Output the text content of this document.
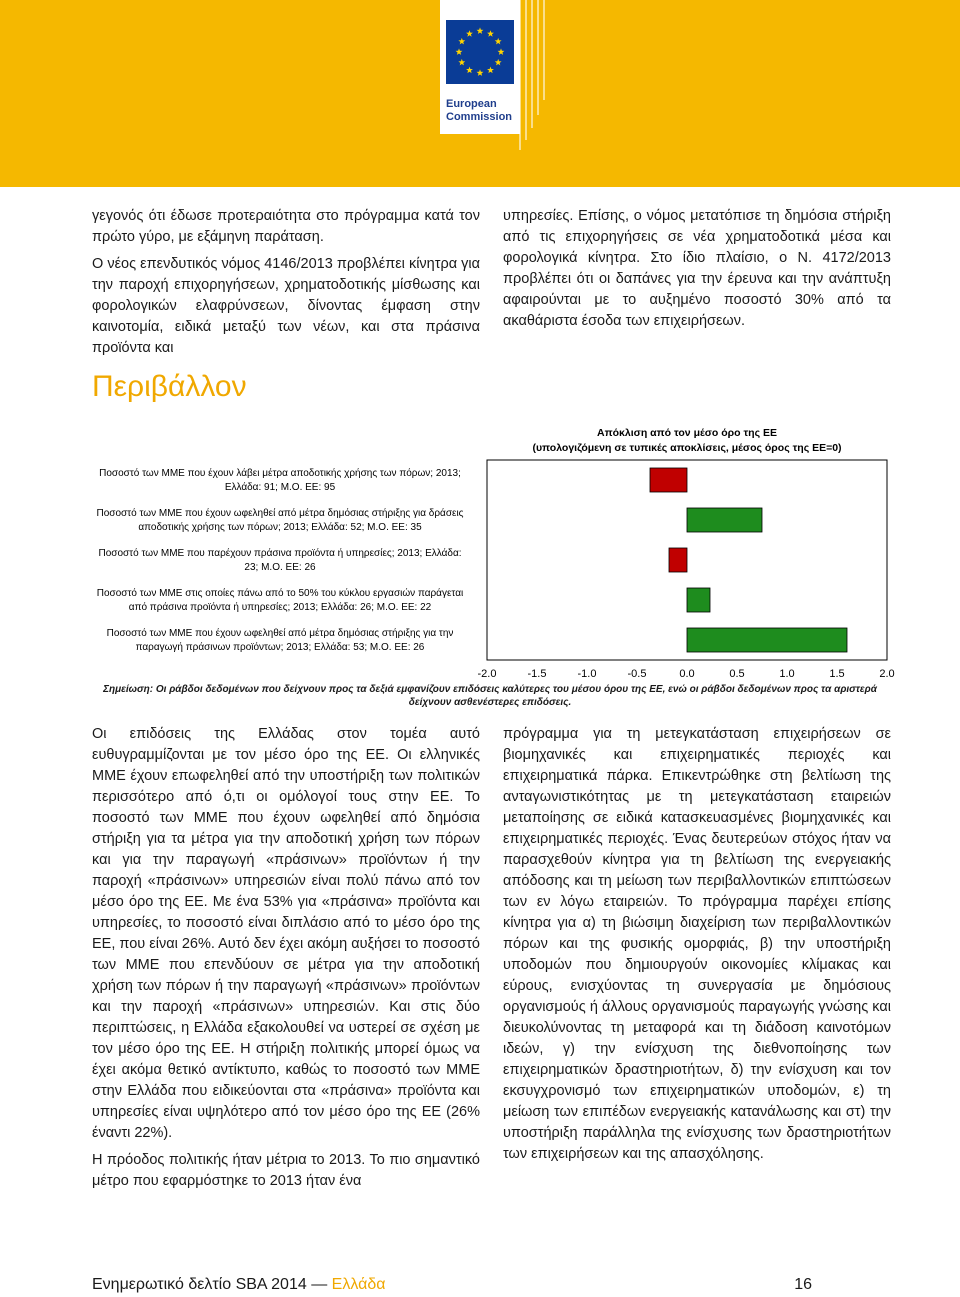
European
Commission

γεγονός ότι έδωσε προτεραιότητα στο πρόγραμμα κατά τον πρώτο γύρο, με εξάμηνη παράταση.

Ο νέος επενδυτικός νόμος 4146/2013 προβλέπει κίνητρα για την παροχή επιχορηγήσεων, χρηματοδοτικής μίσθωσης και φορολογικών ελαφρύνσεων, δίνοντας έμφαση στην καινοτομία, ειδικά μεταξύ των νέων, και στα πράσινα προϊόντα και

υπηρεσίες. Επίσης, ο νόμος μετατόπισε τη δημόσια στήριξη από τις επιχορηγήσεις σε νέα χρηματοδοτικά μέσα και φορολογικά κίνητρα. Στο ίδιο πλαίσιο, ο Ν. 4172/2013 προβλέπει ότι οι δαπάνες για την έρευνα και την ανάπτυξη αφαιρούνται με το αυξημένο ποσοστό 30% από τα ακαθάριστα έσοδα των επιχειρήσεων.

Περιβάλλον
Απόκλιση από τον μέσο όρο της ΕΕ
(υπολογιζόμενη σε τυπικές αποκλίσεις, μέσος όρος της ΕΕ=0)
Ποσοστό των ΜΜΕ που έχουν λάβει μέτρα αποδοτικής χρήσης των πόρων; 2013;
Ελλάδα: 91; Μ.Ο. ΕΕ: 95
Ποσοστό των ΜΜΕ που έχουν ωφεληθεί από μέτρα δημόσιας στήριξης για δράσεις
αποδοτικής χρήσης των πόρων; 2013; Ελλάδα: 52; Μ.Ο. ΕΕ: 35
Ποσοστό των ΜΜΕ που παρέχουν πράσινα προϊόντα ή υπηρεσίες; 2013; Ελλάδα:
23; Μ.Ο. ΕΕ: 26
Ποσοστό των ΜΜΕ στις οποίες πάνω από το 50% του κύκλου εργασιών παράγεται
από πράσινα προϊόντα ή υπηρεσίες; 2013; Ελλάδα: 26; Μ.Ο. ΕΕ: 22
Ποσοστό των ΜΜΕ που έχουν ωφεληθεί από μέτρα δημόσιας στήριξης για την
παραγωγή πράσινων προϊόντων; 2013; Ελλάδα: 53; Μ.Ο. ΕΕ: 26
-2.0	-1.5	-1.0	-0.5	0.0	0.5	1.0	1.5	2.0
Σημείωση: Οι ράβδοι δεδομένων που δείχνουν προς τα δεξιά εμφανίζουν επιδόσεις καλύτερες του μέσου όρου της ΕΕ, ενώ οι ράβδοι δεδομένων προς τα αριστερά δείχνουν ασθενέστερες επιδόσεις.

Οι επιδόσεις της Ελλάδας στον τομέα αυτό ευθυγραμμίζονται με τον μέσο όρο της ΕΕ. Οι ελληνικές ΜΜΕ έχουν επωφεληθεί από την υποστήριξη των πολιτικών περισσότερο από ό,τι οι ομόλογοί τους στην ΕΕ. Το ποσοστό των ΜΜΕ που έχουν ωφεληθεί από δημόσια στήριξη για τα μέτρα για την αποδοτική χρήση των πόρων και για την παραγωγή «πράσινων» προϊόντων ή την παροχή «πράσινων» υπηρεσιών είναι πολύ πάνω από τον μέσο όρο της ΕΕ. Με ένα 53% για «πράσινα» προϊόντα και υπηρεσίες, το ποσοστό είναι διπλάσιο από το μέσο όρο της ΕΕ, που είναι 26%. Αυτό δεν έχει ακόμη αυξήσει το ποσοστό των ΜΜΕ που επενδύουν σε μέτρα για την αποδοτική χρήση των πόρων ή την παραγωγή «πράσινων» προϊόντων και την παροχή «πράσινων» υπηρεσιών. Και στις δύο περιπτώσεις, η Ελλάδα εξακολουθεί να υστερεί σε σχέση με τον μέσο όρο της ΕΕ. Η στήριξη πολιτικής μπορεί όμως να έχει ακόμα θετικό αντίκτυπο, καθώς το ποσοστό των ΜΜΕ στην Ελλάδα που ειδικεύονται στα «πράσινα» προϊόντα και υπηρεσίες είναι υψηλότερο από τον μέσο όρο της ΕΕ (26% έναντι 22%).

Η πρόοδος πολιτικής ήταν μέτρια το 2013. Το πιο σημαντικό μέτρο που εφαρμόστηκε το 2013 ήταν ένα

πρόγραμμα για τη μετεγκατάσταση επιχειρήσεων σε βιομηχανικές και επιχειρηματικές περιοχές και επιχειρηματικά πάρκα. Επικεντρώθηκε στη βελτίωση της ανταγωνιστικότητας με τη μετεγκατάσταση εταιρειών μεταποίησης σε ειδικά κατασκευασμένες βιομηχανικές και επιχειρηματικές περιοχές. Ένας δευτερεύων στόχος ήταν να παρασχεθούν κίνητρα για τη βελτίωση της ενεργειακής απόδοσης και τη μείωση των περιβαλλοντικών επιπτώσεων των εν λόγω εταιρειών. Το πρόγραμμα παρέχει επίσης κίνητρα για α) τη βιώσιμη διαχείριση των περιβαλλοντικών πόρων και της φυσικής ομορφιάς, β) την υποστήριξη υποδομών που δημιουργούν οικονομίες κλίμακας και εύρους, ενισχύοντας τη συνεργασία με δημόσιους οργανισμούς ή άλλους οργανισμούς παραγωγής γνώσης και διευκολύνοντας τη μεταφορά και τη διάδοση καινοτόμων ιδεών, γ) την ενίσχυση της διεθνοποίησης των επιχειρηματικών δραστηριοτήτων, δ) την ενίσχυση και τον εκσυγχρονισμό των επιχειρηματικών υποδομών, ε) τη μείωση των επιπέδων ενεργειακής κατανάλωσης και στ) την υποστήριξη παράλληλα της ενίσχυσης των δραστηριοτήτων των επιχειρήσεων και της απασχόλησης.

Ενημερωτικό δελτίο SBA 2014 — Ελλάδα	16
